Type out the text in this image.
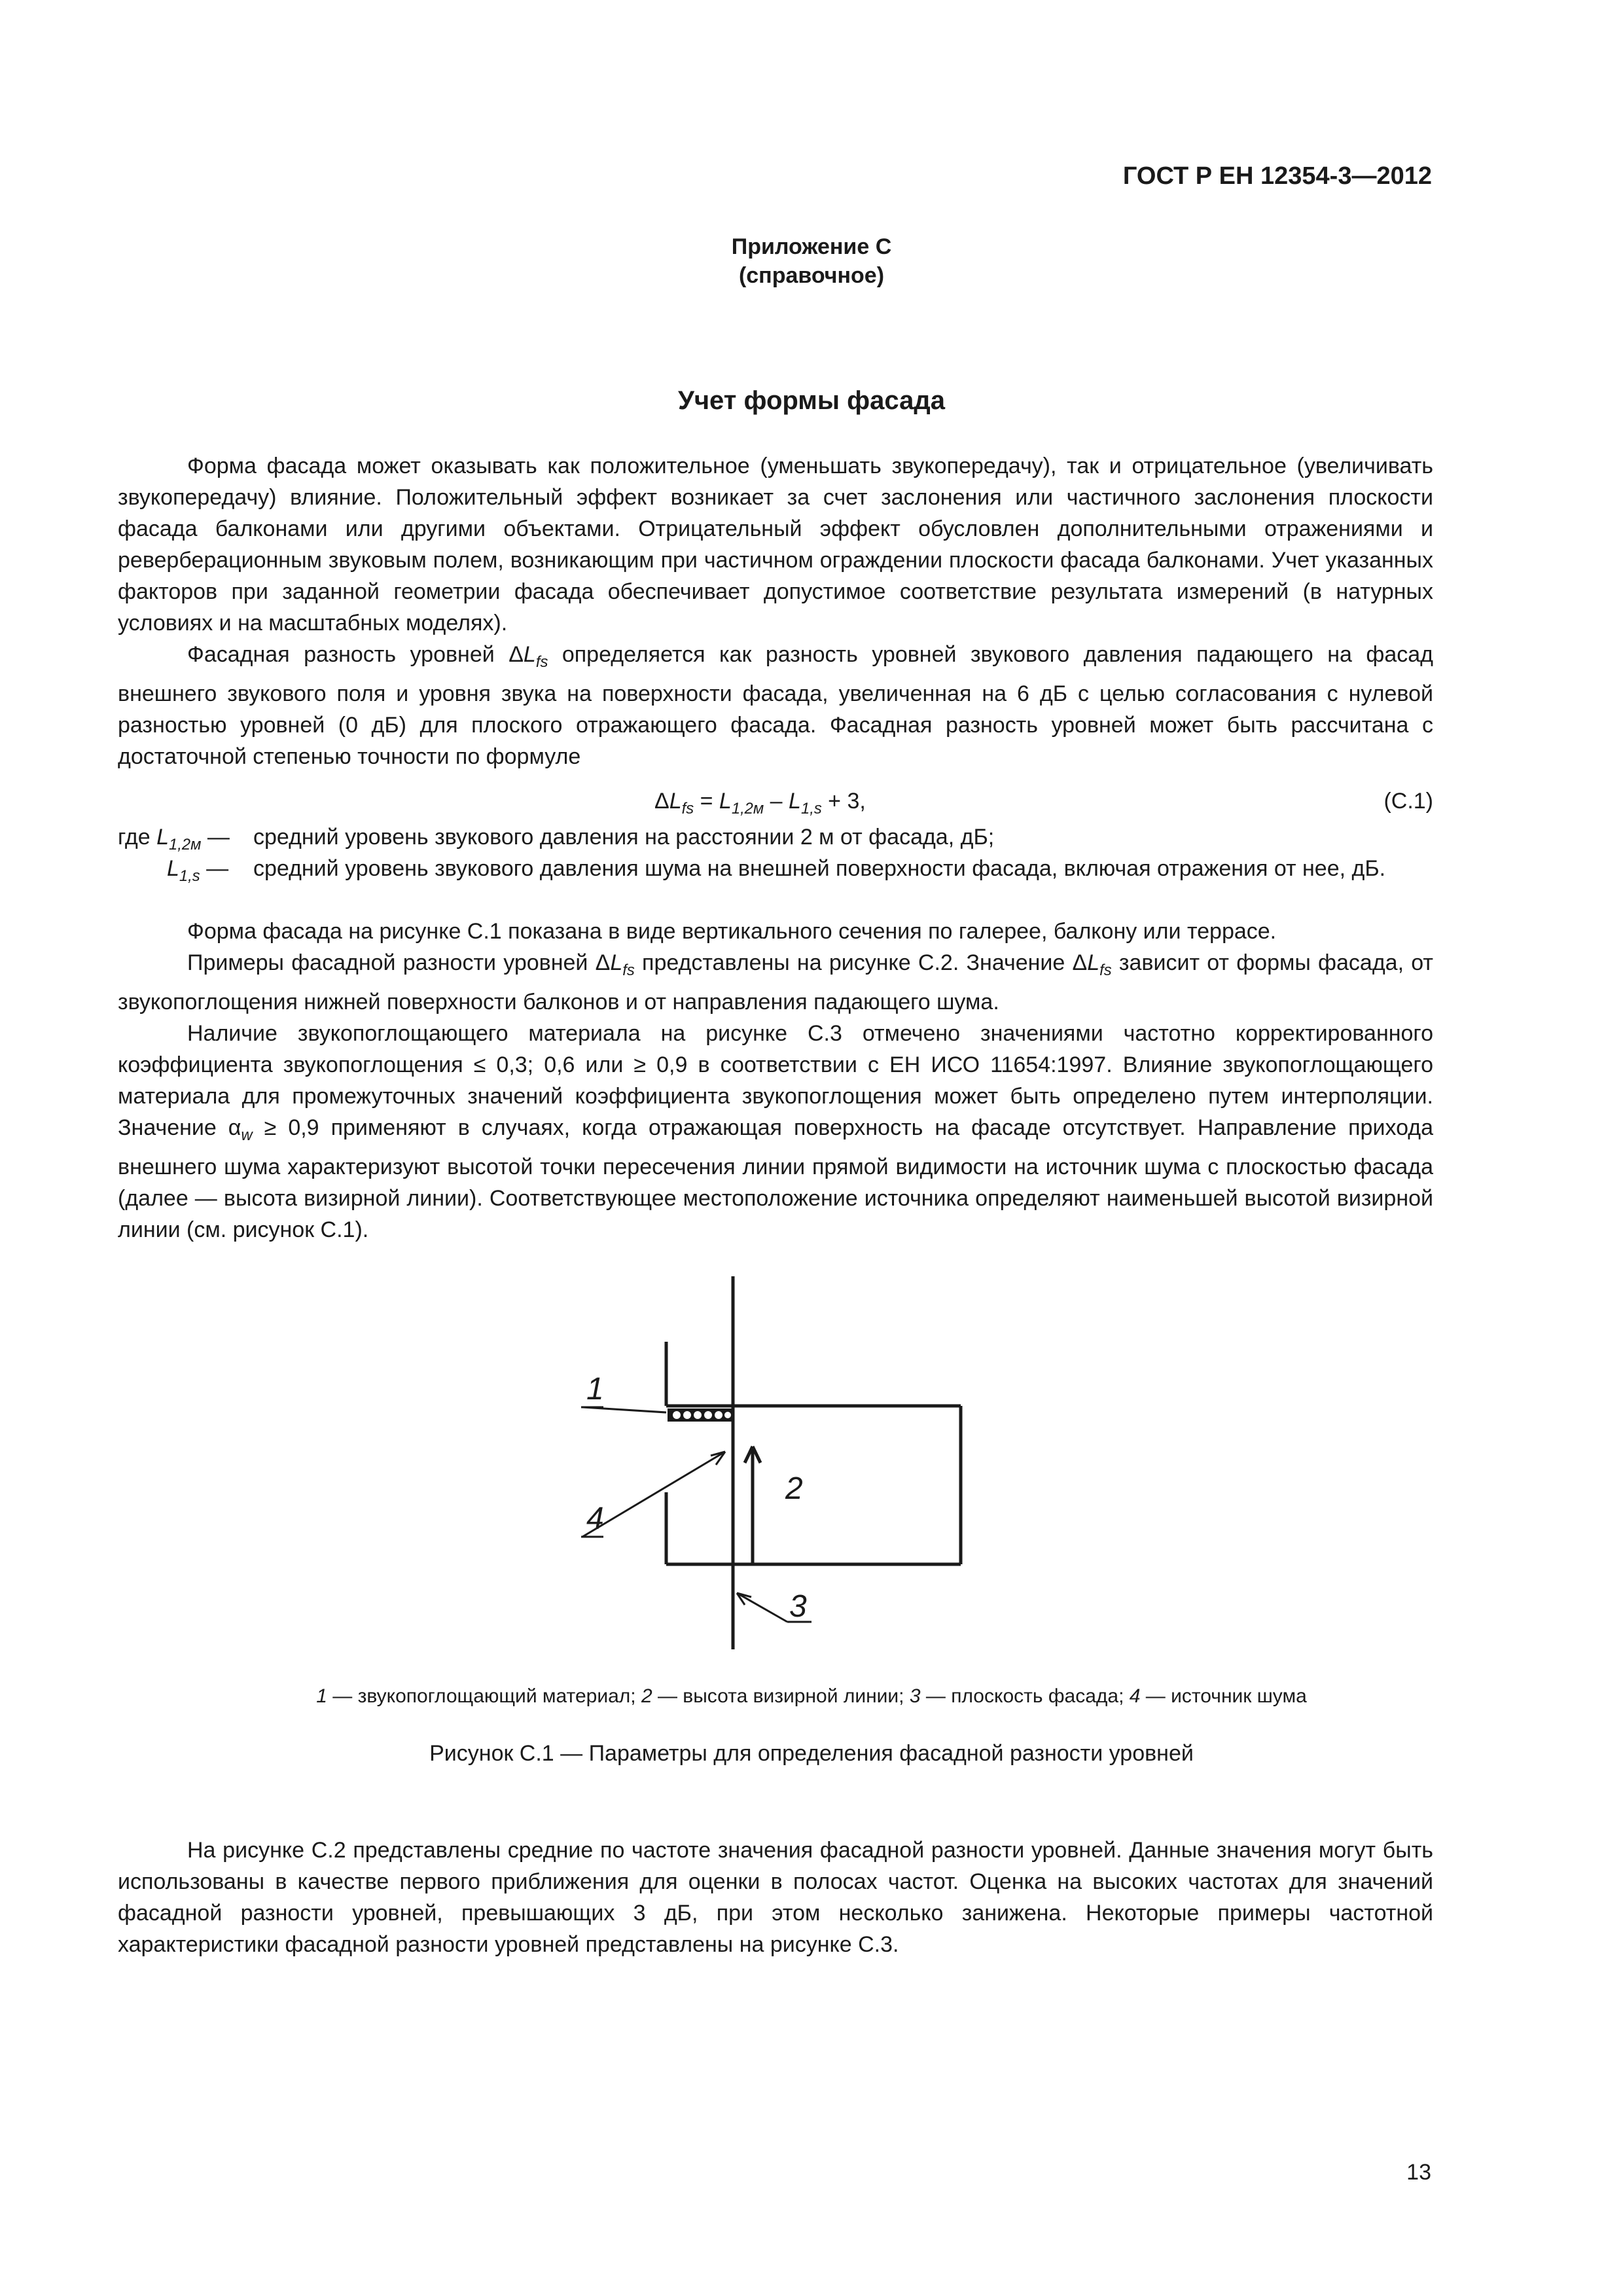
ГОСТ Р ЕН 12354-3—2012
Приложение С
(справочное)
Учет формы фасада

Форма фасада может оказывать как положительное (уменьшать звукопередачу), так и отрицательное (увеличивать звукопередачу) влияние. Положительный эффект возникает за счет заслонения или частичного заслонения плоскости фасада балконами или другими объектами. Отрицательный эффект обусловлен дополнительными отражениями и реверберационным звуковым полем, возникающим при частичном ограждении плоскости фасада балконами. Учет указанных факторов при заданной геометрии фасада обеспечивает допустимое соответствие результата измерений (в натурных условиях и на масштабных моделях).

Фасадная разность уровней $\Delta L_{fs}$ определяется как разность уровней звукового давления падающего на фасад внешнего звукового поля и уровня звука на поверхности фасада, увеличенная на 6 дБ с целью согласования с нулевой разностью уровней (0 дБ) для плоского отражающего фасада. Фасадная разность уровней может быть рассчитана с достаточной степенью точности по формуле

$\Delta L_{fs} = L_{1,2м} - L_{1,s} + 3$,	(С.1)
где $L_{1,2м}$ — средний уровень звукового давления на расстоянии 2 м от фасада, дБ;
$L_{1,s}$ — средний уровень звукового давления шума на внешней поверхности фасада, включая отражения от нее, дБ.

Форма фасада на рисунке С.1 показана в виде вертикального сечения по галерее, балкону или террасе.

Примеры фасадной разности уровней $\Delta L_{fs}$ представлены на рисунке С.2. Значение $\Delta L_{fs}$ зависит от формы фасада, от звукопоглощения нижней поверхности балконов и от направления падающего шума.

Наличие звукопоглощающего материала на рисунке С.3 отмечено значениями частотно корректированного коэффициента звукопоглощения ≤ 0,3; 0,6 или ≥ 0,9 в соответствии с ЕН ИСО 11654:1997. Влияние звукопоглощающего материала для промежуточных значений коэффициента звукопоглощения может быть определено путем интерполяции. Значение $\alpha_w \ge 0,9$ применяют в случаях, когда отражающая поверхность на фасаде отсутствует. Направление прихода внешнего шума характеризуют высотой точки пересечения линии прямой видимости на источник шума с плоскостью фасада (далее — высота визирной линии). Соответствующее местоположение источника определяют наименьшей высотой визирной линии (см. рисунок С.1).

1
2
3
4
1 — звукопоглощающий материал; 2 — высота визирной линии; 3 — плоскость фасада; 4 — источник шума
Рисунок С.1 — Параметры для определения фасадной разности уровней

На рисунке С.2 представлены средние по частоте значения фасадной разности уровней. Данные значения могут быть использованы в качестве первого приближения для оценки в полосах частот. Оценка на высоких частотах для значений фасадной разности уровней, превышающих 3 дБ, при этом несколько занижена. Некоторые примеры частотной характеристики фасадной разности уровней представлены на рисунке С.3.

13
